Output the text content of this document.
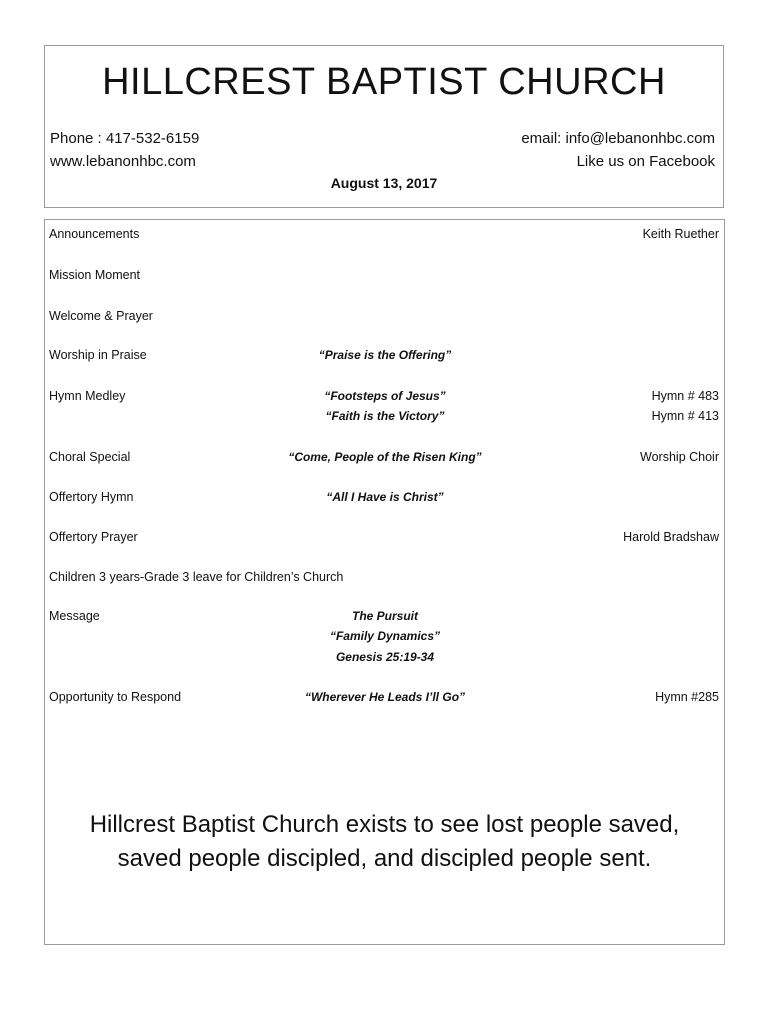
HILLCREST BAPTIST CHURCH
Phone : 417-532-6159
www.lebanonhbc.com
email: info@lebanonhbc.com
Like us on Facebook
August 13, 2017
Announcements	Keith Ruether
Mission Moment
Welcome & Prayer
Worship in Praise	“Praise is the Offering”
Hymn Medley	“Footsteps of Jesus”	Hymn # 483
“Faith is the Victory”	Hymn # 413
Choral Special	“Come, People of the Risen King”	Worship Choir
Offertory Hymn	“All I Have is Christ”
Offertory Prayer	Harold Bradshaw
Children 3 years-Grade 3 leave for Children’s Church
Message	The Pursuit
“Family Dynamics”
Genesis 25:19-34
Opportunity to Respond	“Wherever He Leads I’ll Go”	Hymn #285
Hillcrest Baptist Church exists to see lost people saved,
saved people discipled, and discipled people sent.
